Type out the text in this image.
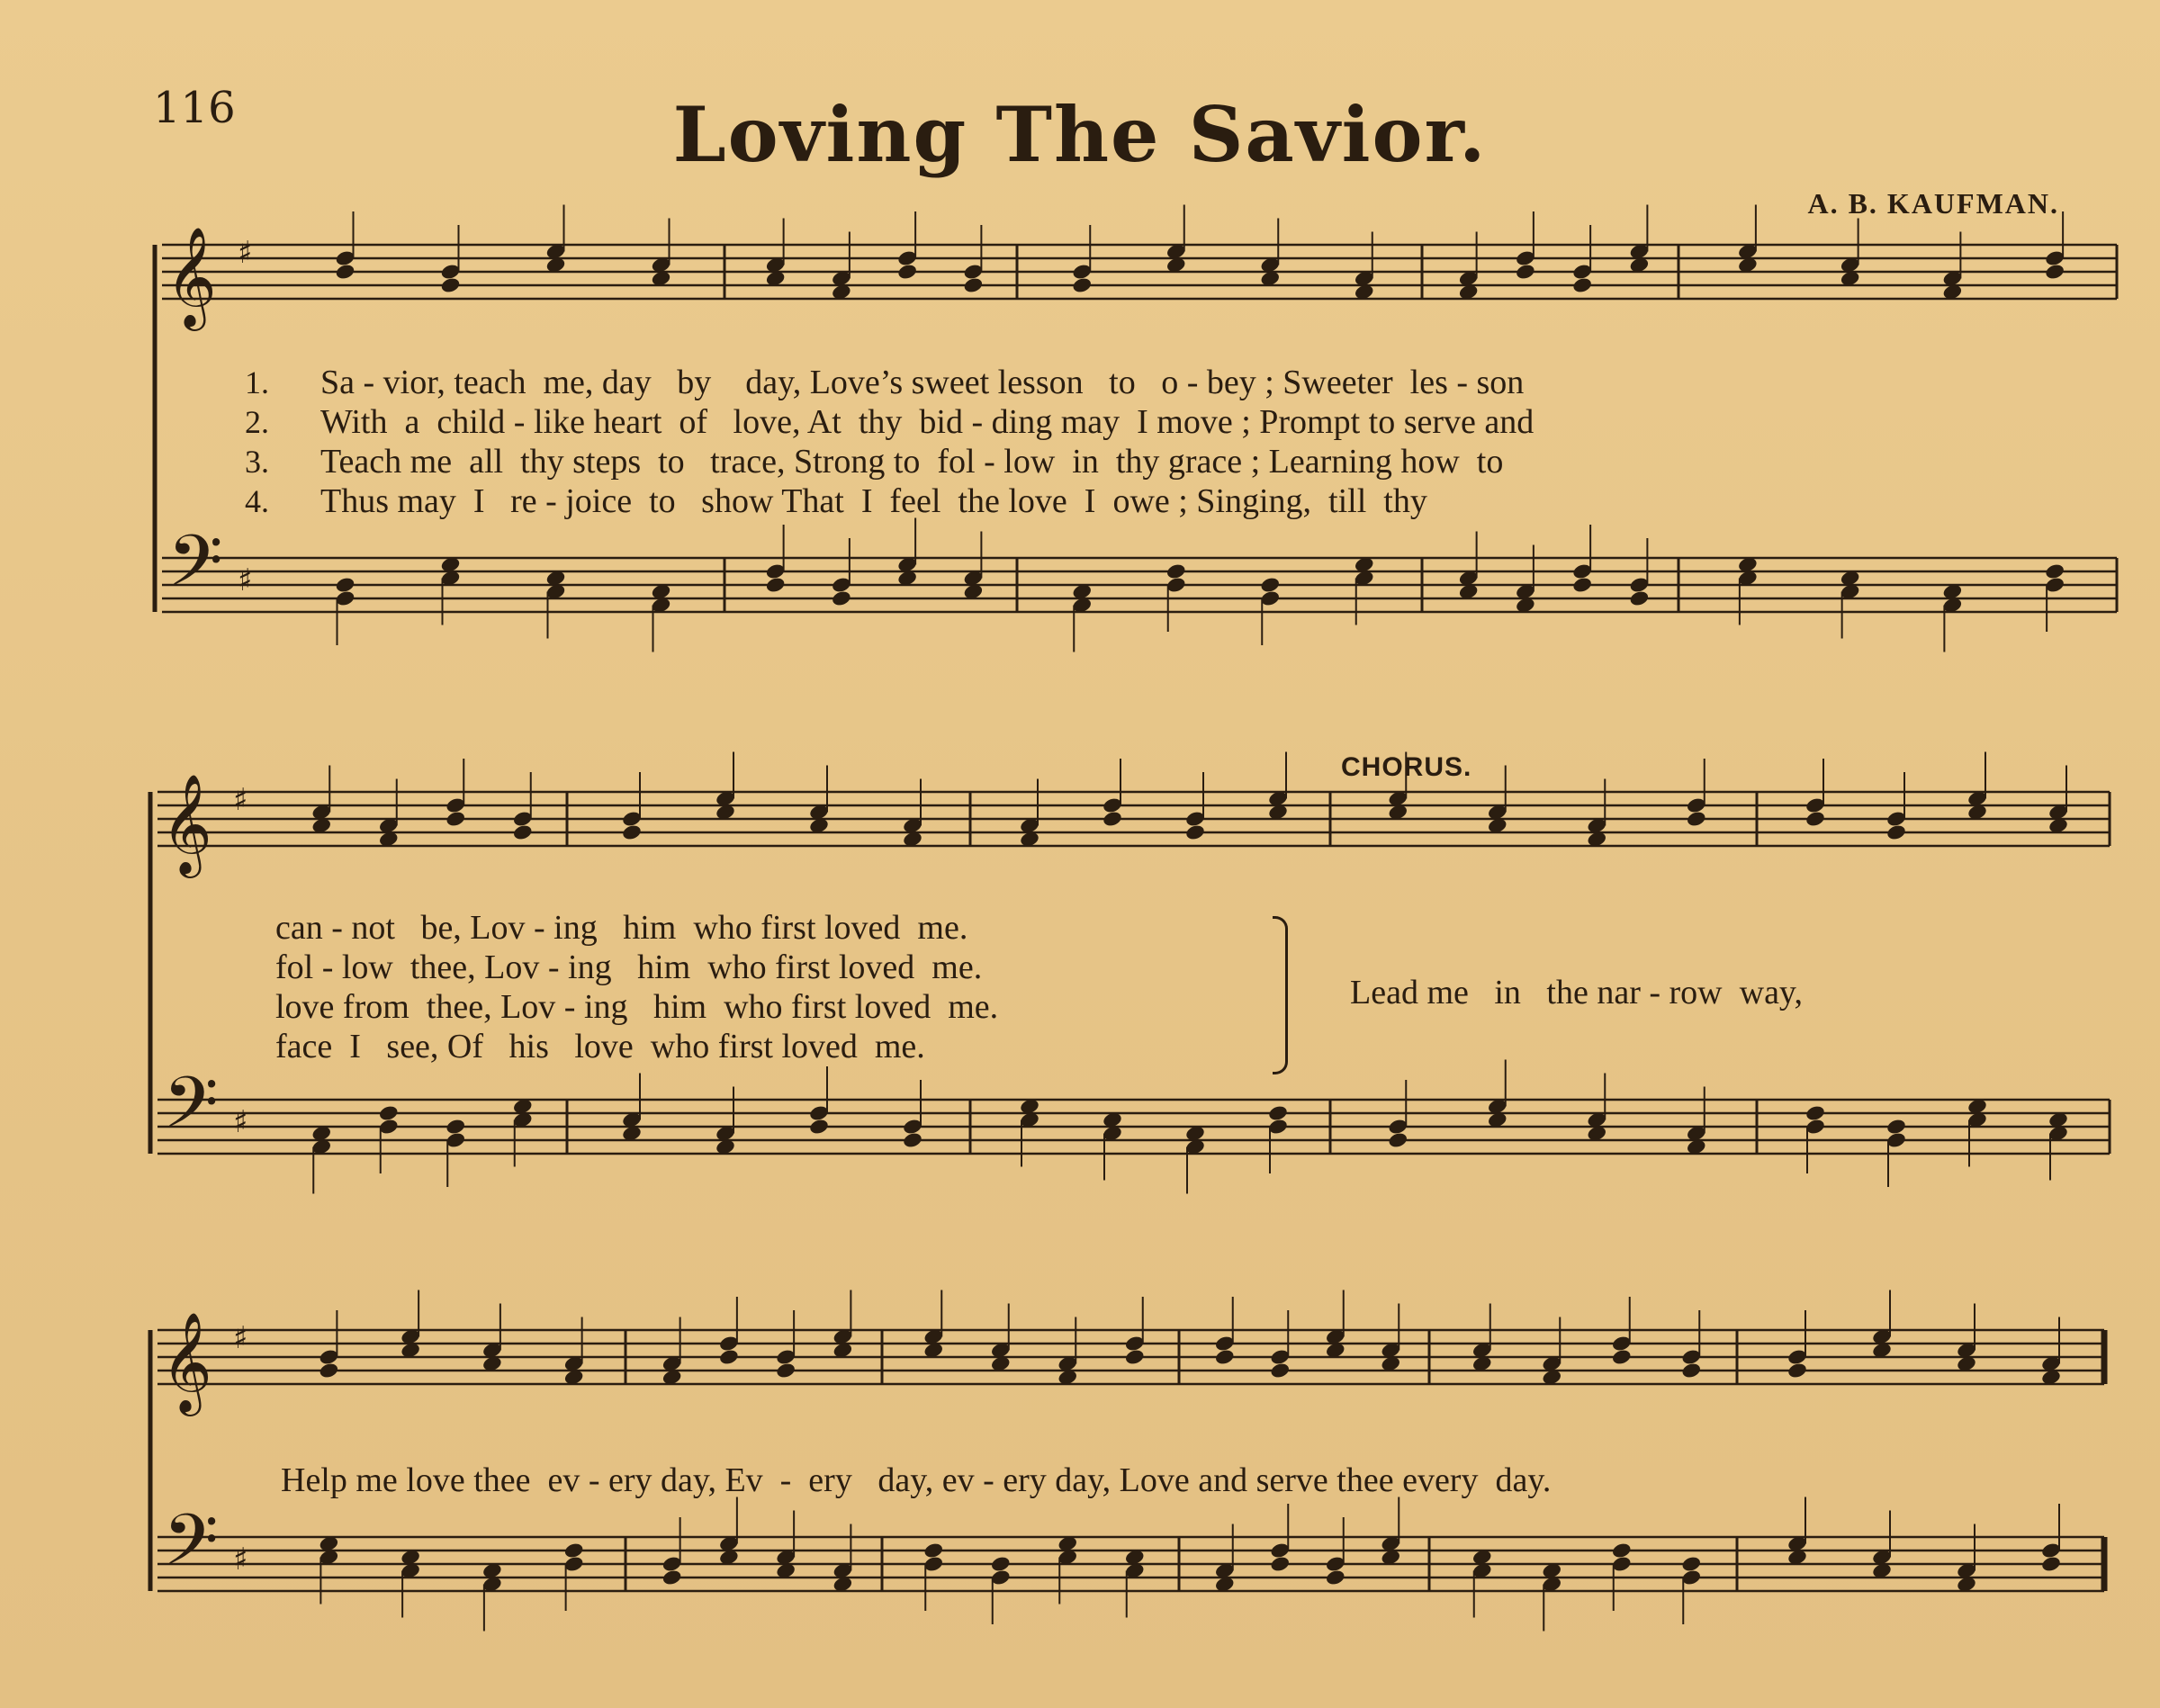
116	Loving The Savior.
A. B. KAUFMAN.
𝄞
𝄢
♯
♯
𝄞
𝄢
♯
♯
𝄞
𝄢
♯
♯
1.
2.
3.
4.
Sa - vior, teach  me, day   by    day, Love’s sweet lesson   to   o - bey ; Sweeter  les - son
With  a  child - like heart  of   love, At  thy  bid - ding may  I move ; Prompt to serve and
Teach me  all  thy steps  to   trace, Strong to  fol - low  in  thy grace ; Learning how  to
Thus may  I   re - joice  to   show That  I  feel  the love  I  owe ; Singing,  till  thy
CHORUS.
can - not   be, Lov - ing   him  who first loved  me.
fol - low  thee, Lov - ing   him  who first loved  me.
love from  thee, Lov - ing   him  who first loved  me.
face  I   see, Of   his   love  who first loved  me.
Lead me   in   the nar - row  way,
Help me love thee  ev - ery day, Ev  -  ery   day, ev - ery day, Love and serve thee every  day.
